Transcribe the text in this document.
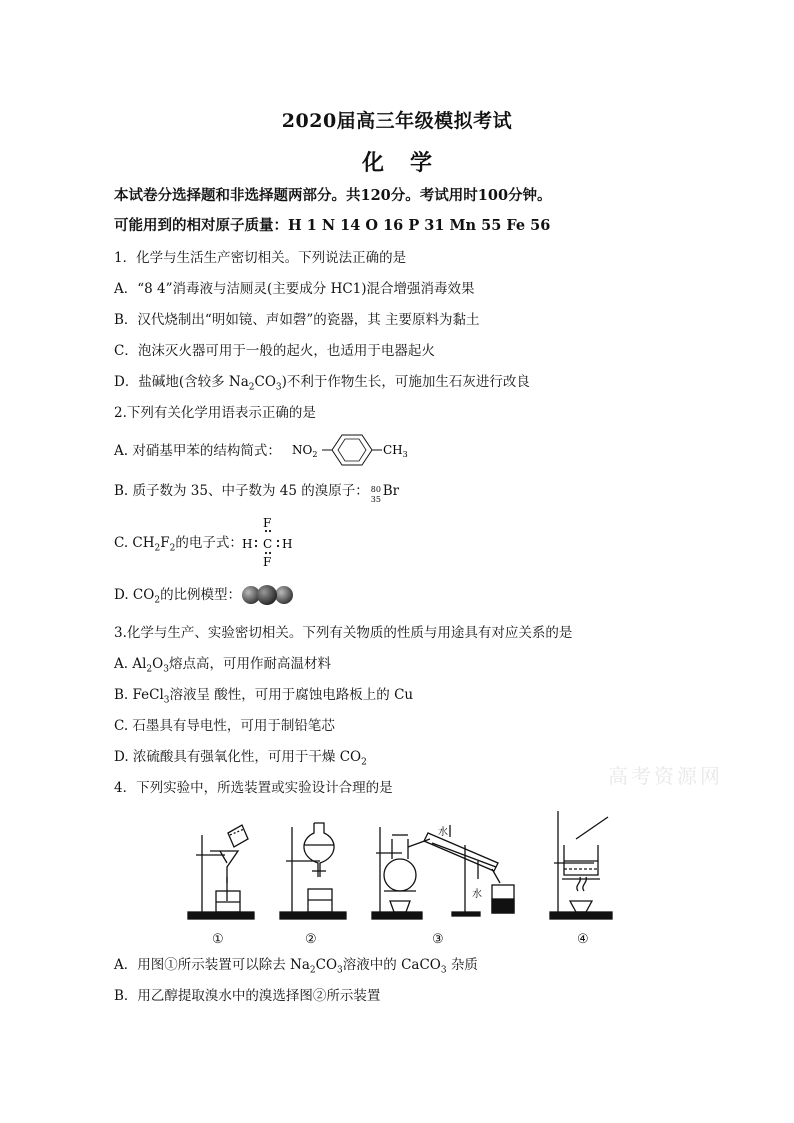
2020届高三年级模拟考试
化学
本试卷分选择题和非选择题两部分。共120分。考试用时100分钟。
可能用到的相对原子质量：H 1 N 14 O 16 P 31 Mn 55 Fe 56
1．化学与生活生产密切相关。下列说法正确的是
A．“8 4”消毒液与洁厕灵(主要成分 HC1)混合增强消毒效果
B．汉代烧制出“明如镜、声如磬”的瓷器，其 主要原料为黏土
C．泡沫灭火器可用于一般的起火，也适用于电器起火
D．盐碱地(含较多 $Na_2CO_3$)不利于作物生长，可施加生石灰进行改良
2.下列有关化学用语表示正确的是
A. 对硝基甲苯的结构简式： $NO_2$	$CH_3$
B. 质子数为 35、中子数为 45 的溴原子： 80
35 Br
C. $CH_2F_2$的电子式：
F
H C H
F
D. $CO_2$的比例模型：
3.化学与生产、实验密切相关。下列有关物质的性质与用途具有对应关系的是
A. $Al_2O_3$熔点高，可用作耐高温材料
B. FeCl$_3$溶液呈 酸性，可用于腐蚀电路板上的 Cu
C. 石墨具有导电性，可用于制铅笔芯
D. 浓硫酸具有强氧化性，可用于干燥 $CO_2$
高考资源网
4．下列实验中，所选装置或实验设计合理的是
水
水
①	②	③	④
A．用图①所示装置可以除去 $Na_2CO_3$溶液中的 CaCO$_3$ 杂质
B．用乙醇提取溴水中的溴选择图②所示装置
